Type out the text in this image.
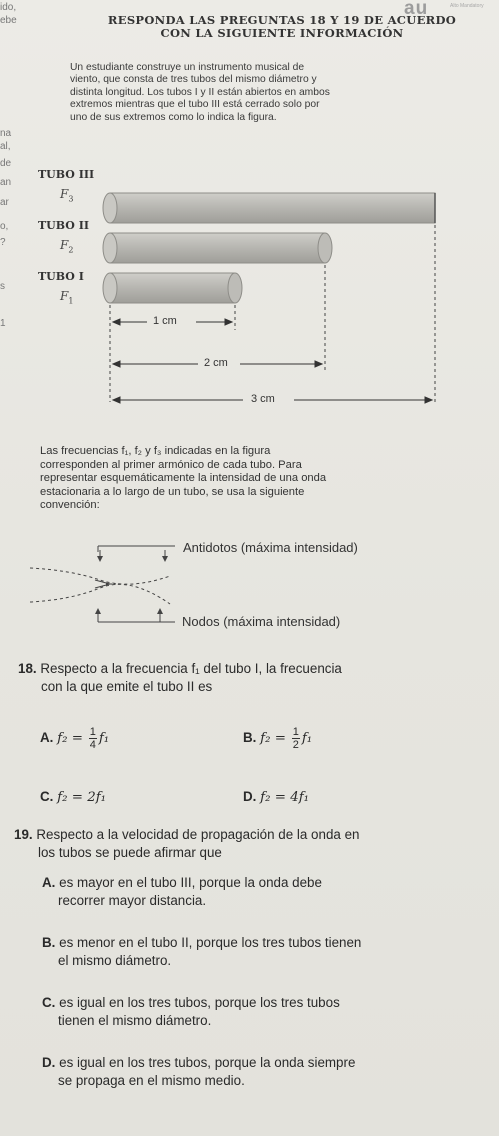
au	Alto Mandatory
ido,
ebe
na
al,
de
an
ar
o,
?
s
1
RESPONDA LAS PREGUNTAS 18 Y 19 DE ACUERDO
CON LA SIGUIENTE INFORMACIÓN
Un estudiante construye un instrumento musical de
viento, que consta de tres tubos del mismo diámetro y
distinta longitud. Los tubos I y II están abiertos en ambos
extremos mientras que el tubo III está cerrado solo por
uno de sus extremos como lo indica la figura.
TUBO III
$F_3$
TUBO II
$F_2$
TUBO I
$F_1$
1 cm
2 cm
3 cm
Las frecuencias f₁, f₂ y f₃ indicadas en la figura
corresponden al primer armónico de cada tubo. Para
representar esquemáticamente la intensidad de una onda
estacionaria a lo largo de un tubo, se usa la siguiente
convención:
Antidotos (máxima intensidad)
Nodos (máxima intensidad)
18. Respecto a la frecuencia f₁ del tubo I, la frecuencia
con la que emite el tubo II es
A. $f_2 = \frac{1}{4} f_1$	B. $f_2 = \frac{1}{2} f_1$
C. f₂ = 2f₁	D. f₂ = 4f₁
19. Respecto a la velocidad de propagación de la onda en
los tubos se puede afirmar que
A. es mayor en el tubo III, porque la onda debe
recorrer mayor distancia.
B. es menor en el tubo II, porque los tres tubos tienen
el mismo diámetro.
C. es igual en los tres tubos, porque los tres tubos
tienen el mismo diámetro.
D. es igual en los tres tubos, porque la onda siempre
se propaga en el mismo medio.
